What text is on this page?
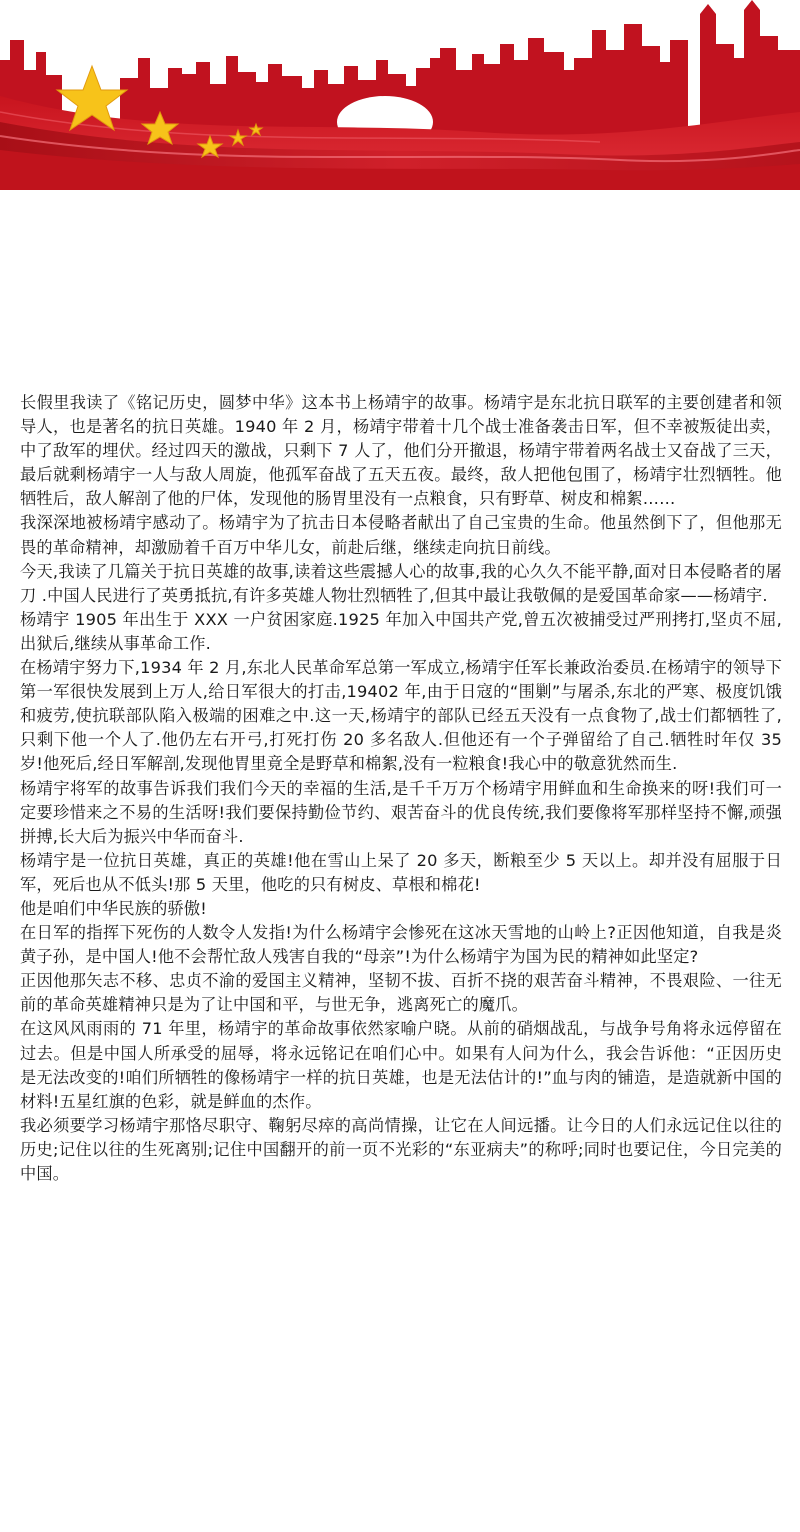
长假里我读了《铭记历史，圆梦中华》这本书上杨靖宇的故事。杨靖宇是东北抗日联军的主要创建者和领导人，也是著名的抗日英雄。1940 年 2 月，杨靖宇带着十几个战士准备袭击日军，但不幸被叛徒出卖，中了敌军的埋伏。经过四天的激战，只剩下 7 人了，他们分开撤退，杨靖宇带着两名战士又奋战了三天，最后就剩杨靖宇一人与敌人周旋，他孤军奋战了五天五夜。最终，敌人把他包围了，杨靖宇壮烈牺牲。他牺牲后，敌人解剖了他的尸体，发现他的肠胃里没有一点粮食，只有野草、树皮和棉絮……

我深深地被杨靖宇感动了。杨靖宇为了抗击日本侵略者献出了自己宝贵的生命。他虽然倒下了，但他那无畏的革命精神，却激励着千百万中华儿女，前赴后继，继续走向抗日前线。

今天,我读了几篇关于抗日英雄的故事,读着这些震撼人心的故事,我的心久久不能平静,面对日本侵略者的屠刀 .中国人民进行了英勇抵抗,有许多英雄人物壮烈牺牲了,但其中最让我敬佩的是爱国革命家——杨靖宇.

杨靖宇 1905 年出生于 XXX 一户贫困家庭.1925 年加入中国共产党,曾五次被捕受过严刑拷打,坚贞不屈,出狱后,继续从事革命工作.

在杨靖宇努力下,1934 年 2 月,东北人民革命军总第一军成立,杨靖宇任军长兼政治委员.在杨靖宇的领导下第一军很快发展到上万人,给日军很大的打击,19402 年,由于日寇的“围剿”与屠杀,东北的严寒、极度饥饿和疲劳,使抗联部队陷入极端的困难之中.这一天,杨靖宇的部队已经五天没有一点食物了,战士们都牺牲了,只剩下他一个人了.他仍左右开弓,打死打伤 20 多名敌人.但他还有一个子弹留给了自己.牺牲时年仅 35 岁!他死后,经日军解剖,发现他胃里竟全是野草和棉絮,没有一粒粮食!我心中的敬意犹然而生.

杨靖宇将军的故事告诉我们我们今天的幸福的生活,是千千万万个杨靖宇用鲜血和生命换来的呀!我们可一定要珍惜来之不易的生活呀!我们要保持勤俭节约、艰苦奋斗的优良传统,我们要像将军那样坚持不懈,顽强拼搏,长大后为振兴中华而奋斗.

杨靖宇是一位抗日英雄，真正的英雄!他在雪山上呆了 20 多天，断粮至少 5 天以上。却并没有屈服于日军，死后也从不低头!那 5 天里，他吃的只有树皮、草根和棉花!

他是咱们中华民族的骄傲!

在日军的指挥下死伤的人数令人发指!为什么杨靖宇会惨死在这冰天雪地的山岭上?正因他知道，自我是炎黄子孙，是中国人!他不会帮忙敌人残害自我的“母亲”!为什么杨靖宇为国为民的精神如此坚定?

正因他那矢志不移、忠贞不渝的爱国主义精神，坚韧不拔、百折不挠的艰苦奋斗精神，不畏艰险、一往无前的革命英雄精神只是为了让中国和平，与世无争，逃离死亡的魔爪。

在这风风雨雨的 71 年里，杨靖宇的革命故事依然家喻户晓。从前的硝烟战乱，与战争号角将永远停留在过去。但是中国人所承受的屈辱，将永远铭记在咱们心中。如果有人问为什么，我会告诉他：“正因历史是无法改变的!咱们所牺牲的像杨靖宇一样的抗日英雄，也是无法估计的!”血与肉的铺造，是造就新中国的材料!五星红旗的色彩，就是鲜血的杰作。

我必须要学习杨靖宇那恪尽职守、鞠躬尽瘁的高尚情操，让它在人间远播。让今日的人们永远记住以往的历史;记住以往的生死离别;记住中国翻开的前一页不光彩的“东亚病夫”的称呼;同时也要记住，今日完美的中国。
